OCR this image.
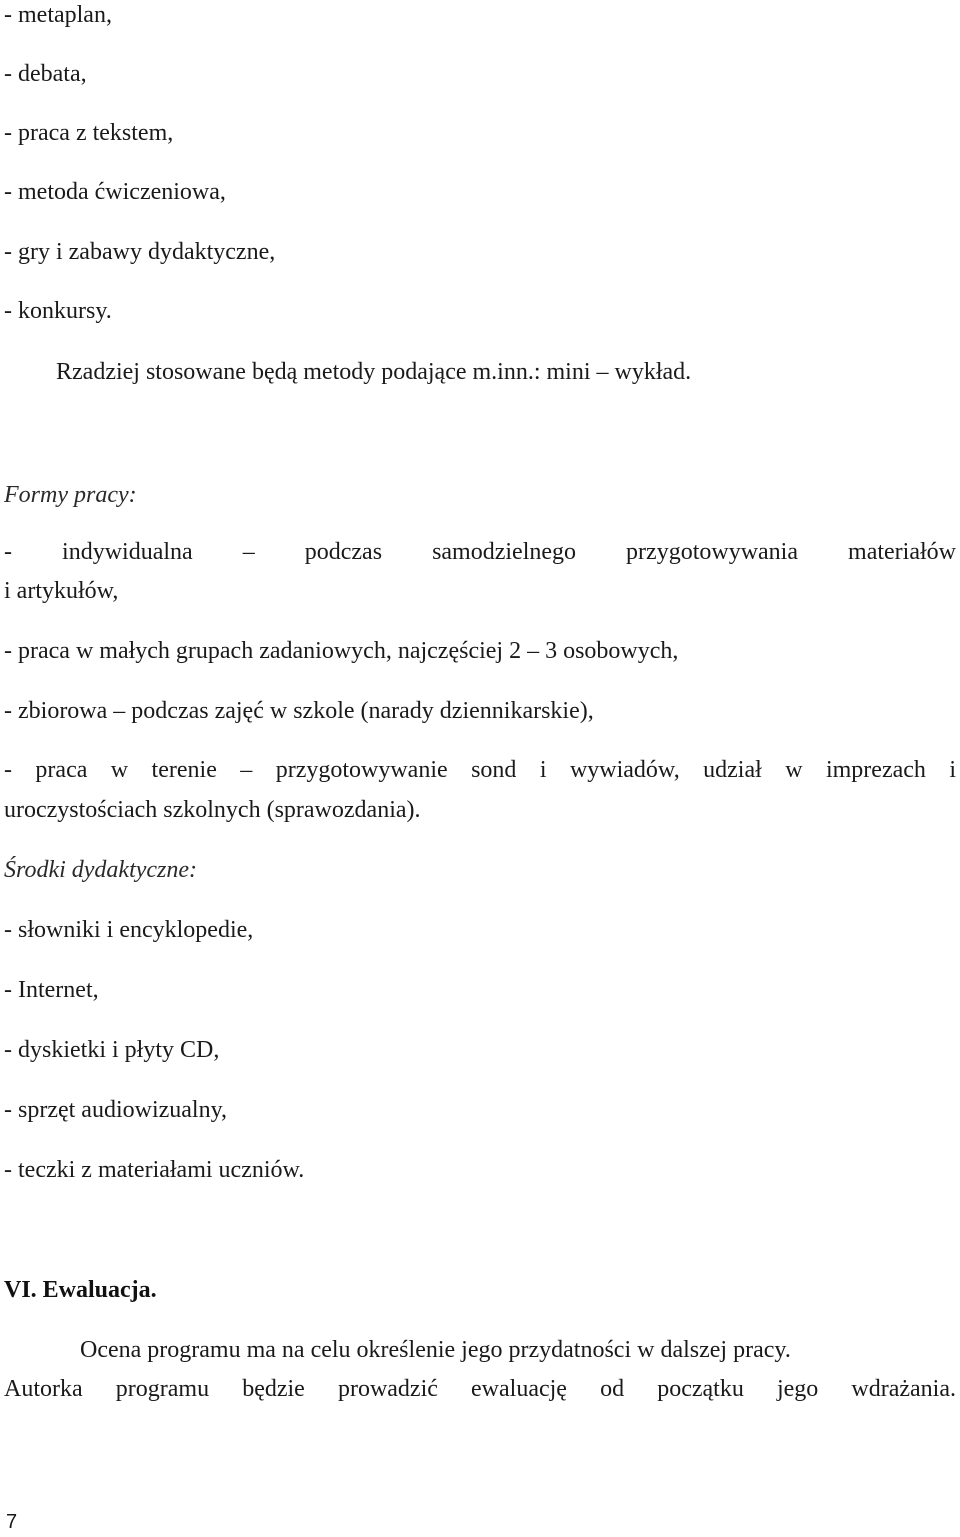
- metaplan,

- debata,

- praca z tekstem,

- metoda ćwiczeniowa,

- gry i zabawy dydaktyczne,

- konkursy.

Rzadziej stosowane będą metody podające m.inn.: mini – wykład.

Formy pracy:

- indywidualna – podczas samodzielnego przygotowywania materiałów

i artykułów,

- praca w małych grupach zadaniowych, najczęściej 2 – 3 osobowych,

- zbiorowa – podczas zajęć w szkole (narady dziennikarskie),

- praca w terenie – przygotowywanie sond i wywiadów, udział w imprezach i

uroczystościach szkolnych (sprawozdania).

Środki dydaktyczne:

- słowniki i encyklopedie,

- Internet,

- dyskietki i płyty CD,

- sprzęt audiowizualny,

- teczki z materiałami uczniów.

VI. Ewaluacja.

Ocena programu ma na celu określenie jego przydatności w dalszej pracy.

Autorka programu będzie prowadzić ewaluację od początku jego wdrażania.

7
